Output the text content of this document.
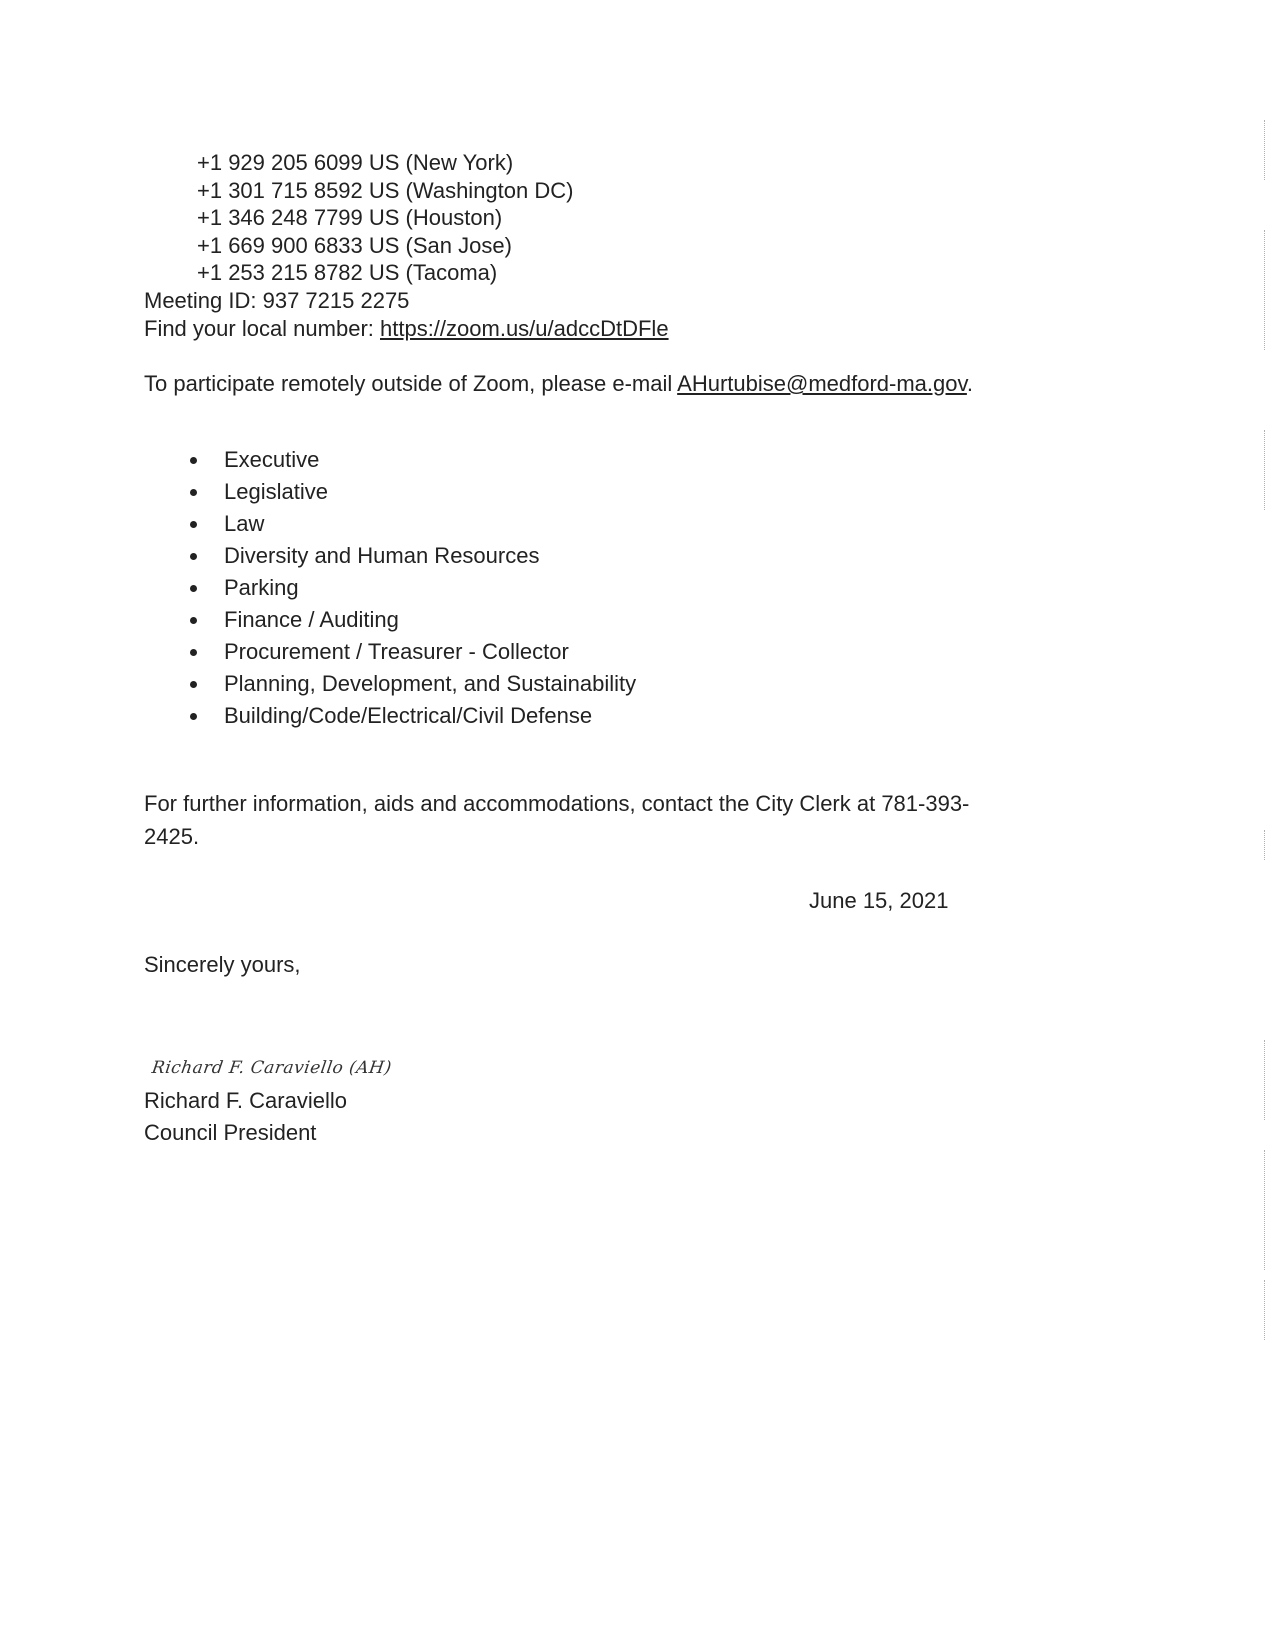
+1 929 205 6099 US (New York)
+1 301 715 8592 US (Washington DC)
+1 346 248 7799 US (Houston)
+1 669 900 6833 US (San Jose)
+1 253 215 8782 US (Tacoma)
Meeting ID: 937 7215 2275
Find your local number: https://zoom.us/u/adccDtDFle
To participate remotely outside of Zoom, please e-mail AHurtubise@medford-ma.gov.
Executive
Legislative
Law
Diversity and Human Resources
Parking
Finance / Auditing
Procurement / Treasurer - Collector
Planning, Development, and Sustainability
Building/Code/Electrical/Civil Defense
For further information, aids and accommodations, contact the City Clerk at 781-393-
2425.
June 15, 2021
Sincerely yours,
Richard F. Caraviello (AH)
Richard F. Caraviello
Council President
